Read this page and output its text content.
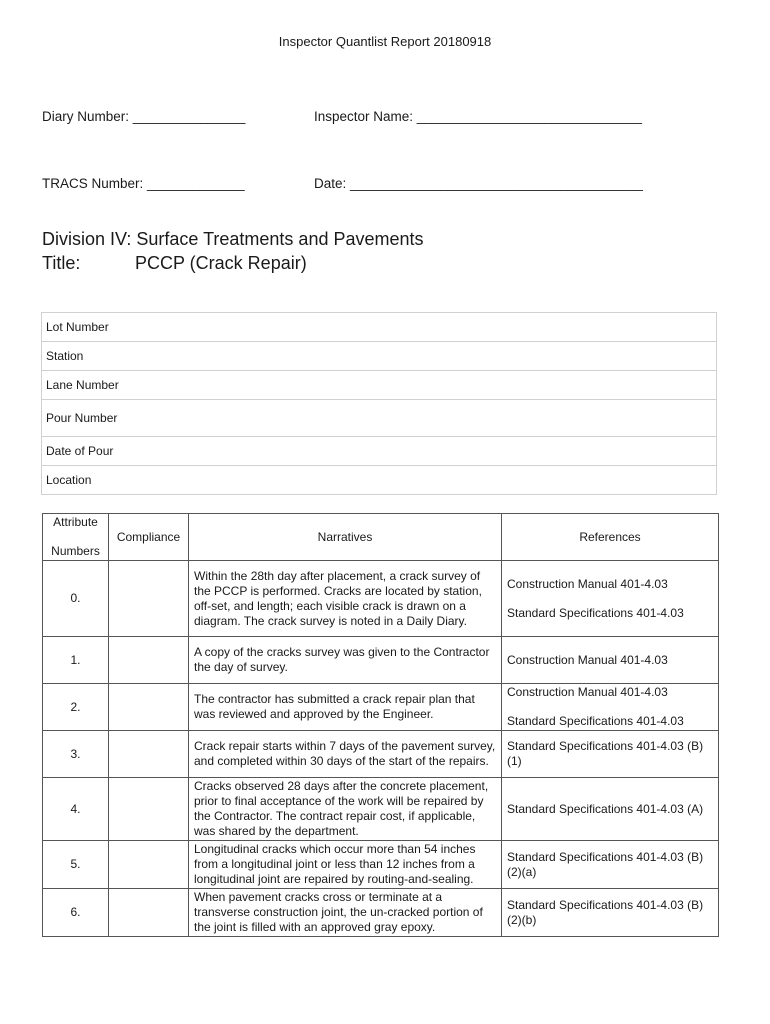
Inspector Quantlist Report 20180918
Diary Number: _______________	Inspector Name: ______________________________
TRACS Number: _____________	Date: _______________________________________
Division IV: Surface Treatments and Pavements
Title:	PCCP (Crack Repair)
Lot Number
Station
Lane Number
Pour Number
Date of Pour
Location
Attribute
Numbers	Compliance	Narratives	References
0.		Within the 28th day after placement, a crack survey of the PCCP is performed. Cracks are located by station, off-set, and length; each visible crack is drawn on a diagram. The crack survey is noted in a Daily Diary.	Construction Manual 401-4.03
Standard Specifications 401-4.03

1.		A copy of the cracks survey was given to the Contractor the day of survey.	Construction Manual 401-4.03

2.		The contractor has submitted a crack repair plan that was reviewed and approved by the Engineer.	Construction Manual 401-4.03
Standard Specifications 401-4.03

3.		Crack repair starts within 7 days of the pavement survey, and completed within 30 days of the start of the repairs.	Standard Specifications 401-4.03 (B)(1)
4.		Cracks observed 28 days after the concrete placement, prior to final acceptance of the work will be repaired by the Contractor. The contract repair cost, if applicable, was shared by the department.	Standard Specifications 401-4.03 (A)
5.		Longitudinal cracks which occur more than 54 inches from a longitudinal joint or less than 12 inches from a longitudinal joint are repaired by routing-and-sealing.	Standard Specifications 401-4.03 (B)(2)(a)
6.		When pavement cracks cross or terminate at a transverse construction joint, the un-cracked portion of the joint is filled with an approved gray epoxy.	Standard Specifications 401-4.03 (B)(2)(b)
